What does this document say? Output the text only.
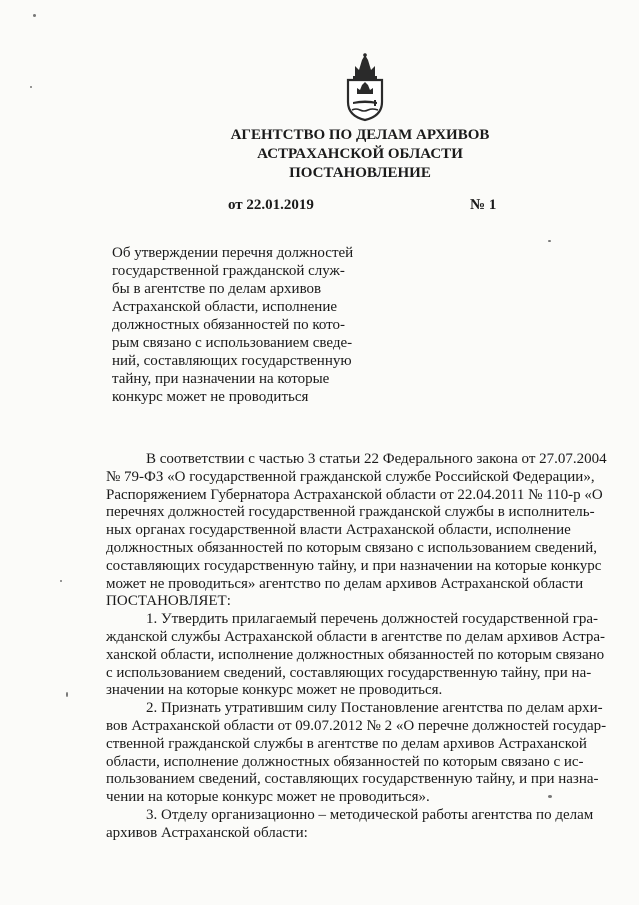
АГЕНТСТВО ПО ДЕЛАМ АРХИВОВ
АСТРАХАНСКОЙ ОБЛАСТИ
ПОСТАНОВЛЕНИЕ
от 22.01.2019	№ 1
Об утверждении перечня должностей
государственной гражданской служ-
бы в агентстве по делам архивов
Астраханской области, исполнение
должностных обязанностей по кото-
рым связано с использованием сведе-
ний, составляющих государственную
тайну, при назначении на которые
конкурс может не проводиться
В соответствии с частью 3 статьи 22 Федерального закона от 27.07.2004
№ 79-ФЗ «О государственной гражданской службе Российской Федерации»,
Распоряжением Губернатора Астраханской области от 22.04.2011 № 110-р «О
перечнях должностей государственной гражданской службы в исполнитель-
ных органах государственной власти Астраханской области, исполнение
должностных обязанностей по которым связано с использованием сведений,
составляющих государственную тайну, и при назначении на которые конкурс
может не проводиться» агентство по делам архивов Астраханской области
ПОСТАНОВЛЯЕТ:
1. Утвердить прилагаемый перечень должностей государственной гра-
жданской службы Астраханской области в агентстве по делам архивов Астра-
ханской области, исполнение должностных обязанностей по которым связано
с использованием сведений, составляющих государственную тайну, при на-
значении на которые конкурс может не проводиться.
2. Признать утратившим силу Постановление агентства по делам архи-
вов Астраханской области от 09.07.2012 № 2 «О перечне должностей государ-
ственной гражданской службы в агентстве по делам архивов Астраханской
области, исполнение должностных обязанностей по которым связано с ис-
пользованием сведений, составляющих государственную тайну, и при назна-
чении на которые конкурс может не проводиться».
3. Отделу организационно – методической работы агентства по делам
архивов Астраханской области:
